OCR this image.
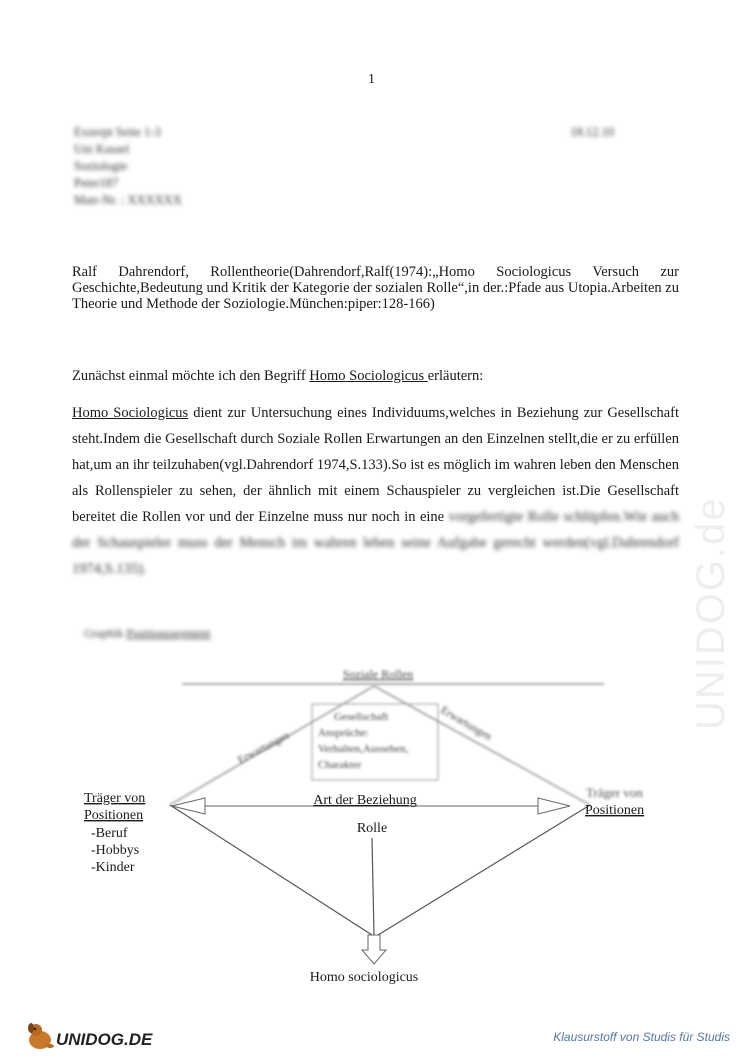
1
Exzerpt Seite 1-3	18.12.10
Uni Kassel
Soziologie
Peter187
Matr-Nr. : XXXXXX
Ralf Dahrendorf, Rollentheorie(Dahrendorf,Ralf(1974):„Homo Sociologicus Versuch zur Geschichte,Bedeutung und Kritik der Kategorie der sozialen Rolle“,in der.:Pfade aus Utopia.Arbeiten zu Theorie und Methode der Soziologie.München:piper:128-166)
Zunächst einmal möchte ich den Begriff Homo Sociologicus erläutern:
Homo Sociologicus dient zur Untersuchung eines Individuums,welches in Beziehung zur Gesellschaft steht.Indem die Gesellschaft durch Soziale Rollen Erwartungen an den Einzelnen stellt,die er zu erfüllen hat,um an ihr teilzuhaben(vgl.Dahrendorf 1974,S.133).So ist es möglich im wahren leben den Menschen als Rollenspieler zu sehen, der ähnlich mit einem Schauspieler zu vergleichen ist.Die Gesellschaft bereitet die Rollen vor und der Einzelne muss nur noch in eine vorgefertigte Rolle schlüpfen.Wie auch der Schauspieler muss der Mensch im wahren leben seine Aufgabe gerecht werden(vgl.Dahrendorf 1974,S.135).
Graphik Positionssegment
Soziale Rollen
Erwartungen
Erwartungen
Gesellschaft
Ansprüche:
Verhalten,Aussehen,
Charakter
Art der Beziehung
Rolle
Homo sociologicus
Träger von
Positionen
-Beruf
-Hobbys
-Kinder
Träger von
Positionen
UNIDOG.de
UNIDOG.DE	Klausurstoff von Studis für Studis
